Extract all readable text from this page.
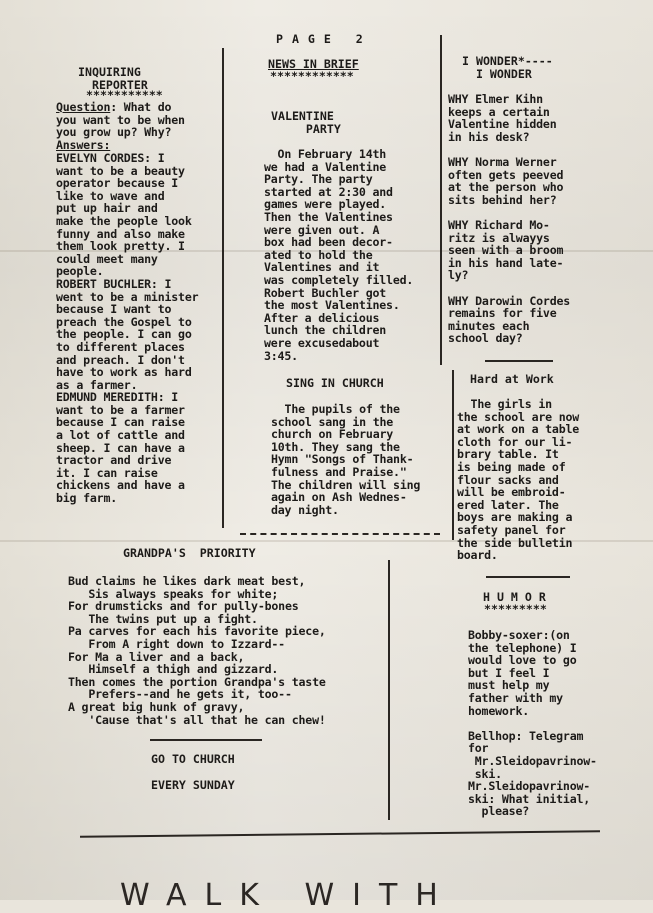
P A G E   2
INQUIRING
REPORTER
***********
Question: What do
you want to be when
you grow up? Why?
Answers:
EVELYN CORDES: I
want to be a beauty
operator because I
like to wave and
put up hair and
make the people look
funny and also make
them look pretty. I
could meet many
people.
ROBERT BUCHLER: I
went to be a minister
because I want to
preach the Gospel to
the people. I can go
to different places
and preach. I don't
have to work as hard
as a farmer.
EDMUND MEREDITH: I
want to be a farmer
because I can raise
a lot of cattle and
sheep. I can have a
tractor and drive
it. I can raise
chickens and have a
big farm.
NEWS IN BRIEF
************
VALENTINE
PARTY
On February 14th
we had a Valentine
Party. The party
started at 2:30 and
games were played.
Then the Valentines
were given out. A
box had been decor-
ated to hold the
Valentines and it
was completely filled.
Robert Buchler got
the most Valentines.
After a delicious
lunch the children
were excusedabout
3:45.
SING IN CHURCH
The pupils of the
school sang in the
church on February
10th. They sang the
Hymn "Songs of Thank-
fulness and Praise."
The children will sing
again on Ash Wednes-
day night.
I WONDER*----
I WONDER
WHY Elmer Kihn
keeps a certain
Valentine hidden
in his desk?

WHY Norma Werner
often gets peeved
at the person who
sits behind her?

WHY Richard Mo-
ritz is alwayys
seen with a broom
in his hand late-
ly?

WHY Darowin Cordes
remains for five
minutes each
school day?
Hard at Work
The girls in
the school are now
at work on a table
cloth for our li-
brary table. It
is being made of
flour sacks and
will be embroid-
ered later. The
boys are making a
safety panel for
the side bulletin
board.
GRANDPA'S  PRIORITY
Bud claims he likes dark meat best,
Sis always speaks for white;
For drumsticks and for pully-bones
The twins put up a fight.
Pa carves for each his favorite piece,
From A right down to Izzard--
For Ma a liver and a back,
Himself a thigh and gizzard.
Then comes the portion Grandpa's taste
Prefers--and he gets it, too--
A great big hunk of gravy,
'Cause that's all that he can chew!
GO TO CHURCH
EVERY SUNDAY
H U M O R
*********
Bobby-soxer:(on
the telephone) I
would love to go
but I feel I
must help my
father with my
homework.

Bellhop: Telegram
for
Mr.Sleidopavrinow-
ski.
Mr.Sleidopavrinow-
ski: What initial,
please?
WALK WITH
